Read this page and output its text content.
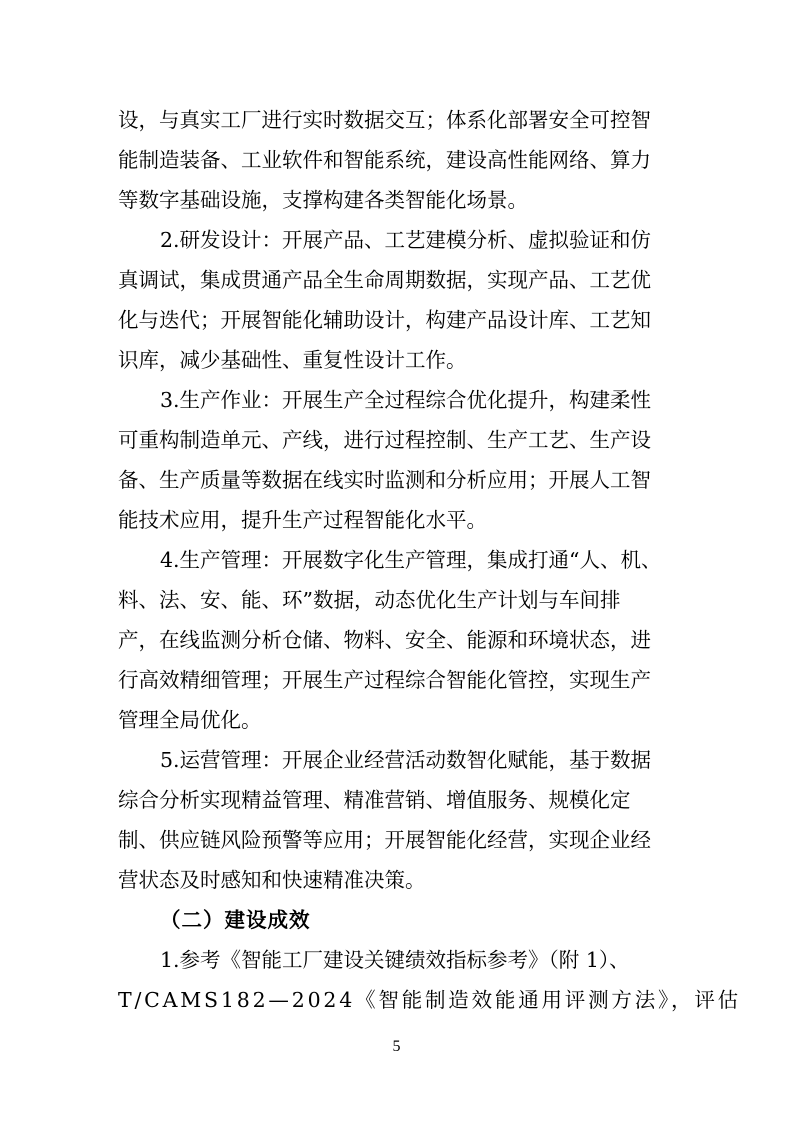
设，与真实工厂进行实时数据交互；体系化部署安全可控智
能制造装备、工业软件和智能系统，建设高性能网络、算力
等数字基础设施，支撑构建各类智能化场景。
2.研发设计：开展产品、工艺建模分析、虚拟验证和仿
真调试，集成贯通产品全生命周期数据，实现产品、工艺优
化与迭代；开展智能化辅助设计，构建产品设计库、工艺知
识库，减少基础性、重复性设计工作。
3.生产作业：开展生产全过程综合优化提升，构建柔性
可重构制造单元、产线，进行过程控制、生产工艺、生产设
备、生产质量等数据在线实时监测和分析应用；开展人工智
能技术应用，提升生产过程智能化水平。
4.生产管理：开展数字化生产管理，集成打通“人、机、
料、法、安、能、环”数据，动态优化生产计划与车间排
产，在线监测分析仓储、物料、安全、能源和环境状态，进
行高效精细管理；开展生产过程综合智能化管控，实现生产
管理全局优化。
5.运营管理：开展企业经营活动数智化赋能，基于数据
综合分析实现精益管理、精准营销、增值服务、规模化定
制、供应链风险预警等应用；开展智能化经营，实现企业经
营状态及时感知和快速精准决策。
（二）建设成效
1.参考《智能工厂建设关键绩效指标参考》（附 1）、
T/CAMS182—2024《智能制造效能通用评测方法》，评估
5
